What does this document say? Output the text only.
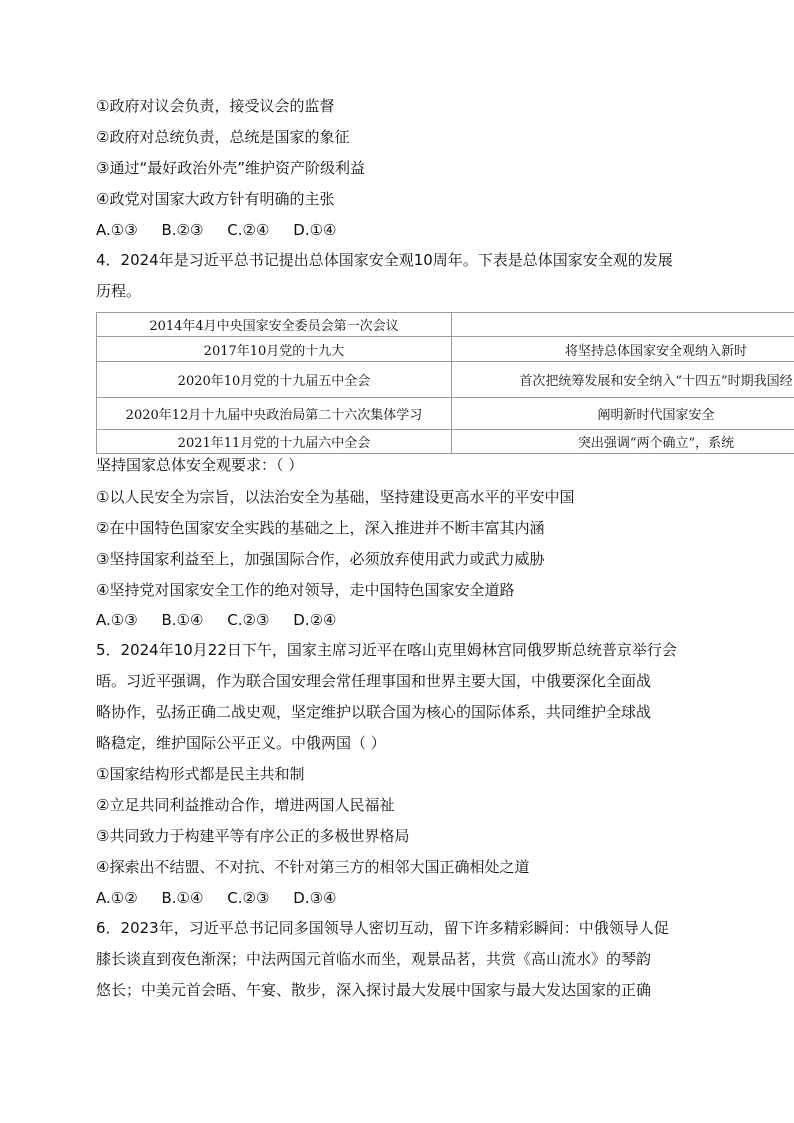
①政府对议会负责，接受议会的监督
②政府对总统负责，总统是国家的象征
③通过“最好政治外壳”维护资产阶级利益
④政党对国家大政方针有明确的主张
A.①③     B.②③     C.②④     D.①④
4．2024年是习近平总书记提出总体国家安全观10周年。下表是总体国家安全观的发展
历程。
2014年4月中央国家安全委员会第一次会议	
2017年10月党的十九大	将坚持总体国家安全观纳入新时
2020年10月党的十九届五中全会	首次把统筹发展和安全纳入“十四五”时期我国经
2020年12月十九届中央政治局第二十六次集体学习	阐明新时代国家安全
2021年11月党的十九届六中全会	突出强调“两个确立”，系统
坚持国家总体安全观要求：（ ）
①以人民安全为宗旨，以法治安全为基础，坚持建设更高水平的平安中国
②在中国特色国家安全实践的基础之上，深入推进并不断丰富其内涵
③坚持国家利益至上，加强国际合作，必须放弃使用武力或武力威胁
④坚持党对国家安全工作的绝对领导，走中国特色国家安全道路
A.①③     B.①④     C.②③     D.②④
5．2024年10月22日下午，国家主席习近平在喀山克里姆林宫同俄罗斯总统普京举行会
晤。习近平强调，作为联合国安理会常任理事国和世界主要大国，中俄要深化全面战
略协作，弘扬正确二战史观，坚定维护以联合国为核心的国际体系，共同维护全球战
略稳定，维护国际公平正义。中俄两国（ ）
①国家结构形式都是民主共和制
②立足共同利益推动合作，增进两国人民福祉
③共同致力于构建平等有序公正的多极世界格局
④探索出不结盟、不对抗、不针对第三方的相邻大国正确相处之道
A.①②     B.①④     C.②③     D.③④
6．2023年，习近平总书记同多国领导人密切互动，留下许多精彩瞬间：中俄领导人促
膝长谈直到夜色渐深；中法两国元首临水而坐，观景品茗，共赏《高山流水》的琴韵
悠长；中美元首会晤、午宴、散步，深入探讨最大发展中国家与最大发达国家的正确
